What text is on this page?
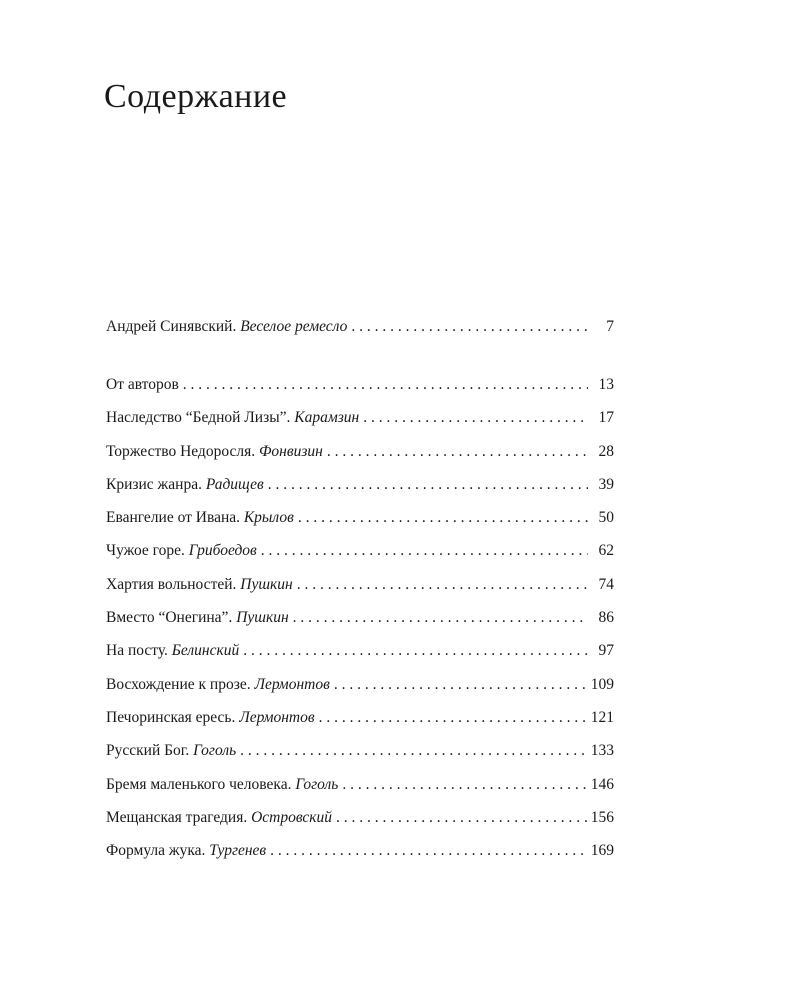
Содержание
Андрей Синявский. Веселое ремесло . . .	7
От авторов . . .	13
Наследство “Бедной Лизы”. Карамзин . . .	17
Торжество Недоросля. Фонвизин . . .	28
Кризис жанра. Радищев . . .	39
Евангелие от Ивана. Крылов . . .	50
Чужое горе. Грибоедов . . .	62
Хартия вольностей. Пушкин . . .	74
Вместо “Онегина”. Пушкин . . .	86
На посту. Белинский . . .	97
Восхождение к прозе. Лермонтов . . .	109
Печоринская ересь. Лермонтов . . .	121
Русский Бог. Гоголь . . .	133
Бремя маленького человека. Гоголь . . .	146
Мещанская трагедия. Островский . . .	156
Формула жука. Тургенев . . .	169
